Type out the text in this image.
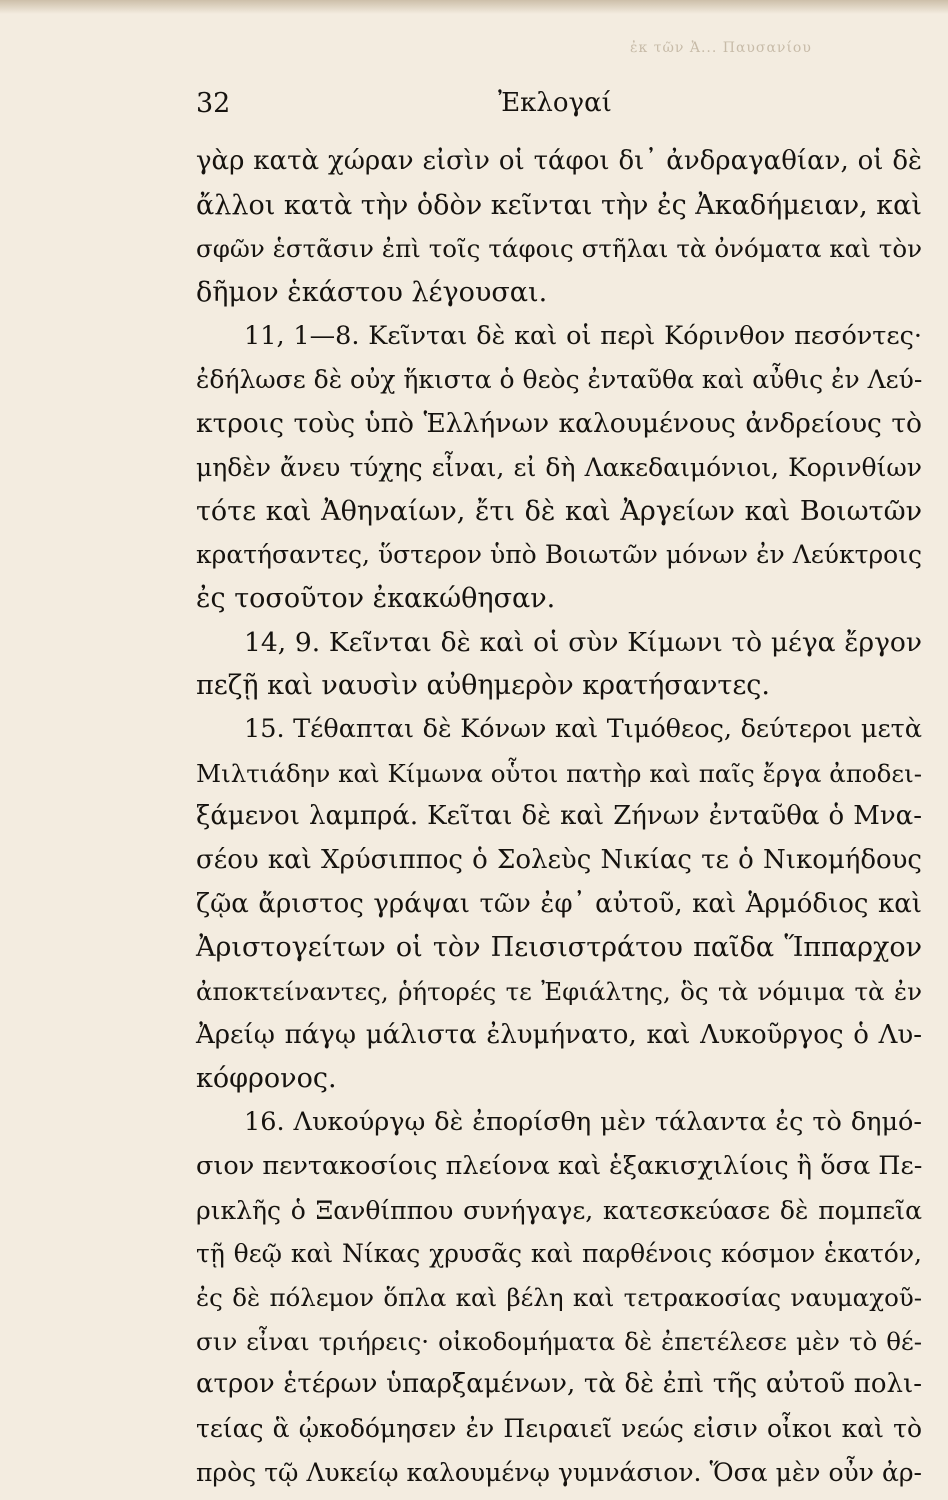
ἐκ τῶν Ἀ... Παυσανίου
32	Ἐκλογαί
γὰρ κατὰ χώραν εἰσὶν οἱ τάφοι δι᾿ ἀνδραγαθίαν, οἱ δὲ
ἄλλοι κατὰ τὴν ὁδὸν κεῖνται τὴν ἐς Ἀκαδήμειαν, καὶ
σφῶν ἑστᾶσιν ἐπὶ τοῖς τάφοις στῆλαι τὰ ὀνόματα καὶ τὸν
δῆμον ἑκάστου λέγουσαι.
11, 1—8. Κεῖνται δὲ καὶ οἱ περὶ Κόρινθον πεσόντες·
ἐδήλωσε δὲ οὐχ ἥκιστα ὁ θεὸς ἐνταῦθα καὶ αὖθις ἐν Λεύ-
κτροις τοὺς ὑπὸ Ἑλλήνων καλουμένους ἀνδρείους τὸ
μηδὲν ἄνευ τύχης εἶναι, εἰ δὴ Λακεδαιμόνιοι, Κορινθίων
τότε καὶ Ἀθηναίων, ἔτι δὲ καὶ Ἀργείων καὶ Βοιωτῶν
κρατήσαντες, ὕστερον ὑπὸ Βοιωτῶν μόνων ἐν Λεύκτροις
ἐς τοσοῦτον ἐκακώθησαν.
14, 9. Κεῖνται δὲ καὶ οἱ σὺν Κίμωνι τὸ μέγα ἔργον
πεζῇ καὶ ναυσὶν αὐθημερὸν κρατήσαντες.
15. Τέθαπται δὲ Κόνων καὶ Τιμόθεος, δεύτεροι μετὰ
Μιλτιάδην καὶ Κίμωνα οὗτοι πατὴρ καὶ παῖς ἔργα ἀποδει-
ξάμενοι λαμπρά. Κεῖται δὲ καὶ Ζήνων ἐνταῦθα ὁ Μνα-
σέου καὶ Χρύσιππος ὁ Σολεὺς Νικίας τε ὁ Νικομήδους
ζῷα ἄριστος γράψαι τῶν ἐφ᾿ αὐτοῦ, καὶ Ἁρμόδιος καὶ
Ἀριστογείτων οἱ τὸν Πεισιστράτου παῖδα Ἵππαρχον
ἀποκτείναντες, ῥήτορές τε Ἐφιάλτης, ὃς τὰ νόμιμα τὰ ἐν
Ἀρείῳ πάγῳ μάλιστα ἐλυμήνατο, καὶ Λυκοῦργος ὁ Λυ-
κόφρονος.
16. Λυκούργῳ δὲ ἐπορίσθη μὲν τάλαντα ἐς τὸ δημό-
σιον πεντακοσίοις πλείονα καὶ ἑξακισχιλίοις ἢ ὅσα Πε-
ρικλῆς ὁ Ξανθίππου συνήγαγε, κατεσκεύασε δὲ πομπεῖα
τῇ θεῷ καὶ Νίκας χρυσᾶς καὶ παρθένοις κόσμον ἑκατόν,
ἐς δὲ πόλεμον ὅπλα καὶ βέλη καὶ τετρακοσίας ναυμαχοῦ-
σιν εἶναι τριήρεις· οἰκοδομήματα δὲ ἐπετέλεσε μὲν τὸ θέ-
ατρον ἑτέρων ὑπαρξαμένων, τὰ δὲ ἐπὶ τῆς αὐτοῦ πολι-
τείας ἃ ᾠκοδόμησεν ἐν Πειραιεῖ νεώς εἰσιν οἶκοι καὶ τὸ
πρὸς τῷ Λυκείῳ καλουμένῳ γυμνάσιον. Ὅσα μὲν οὖν ἀρ-
